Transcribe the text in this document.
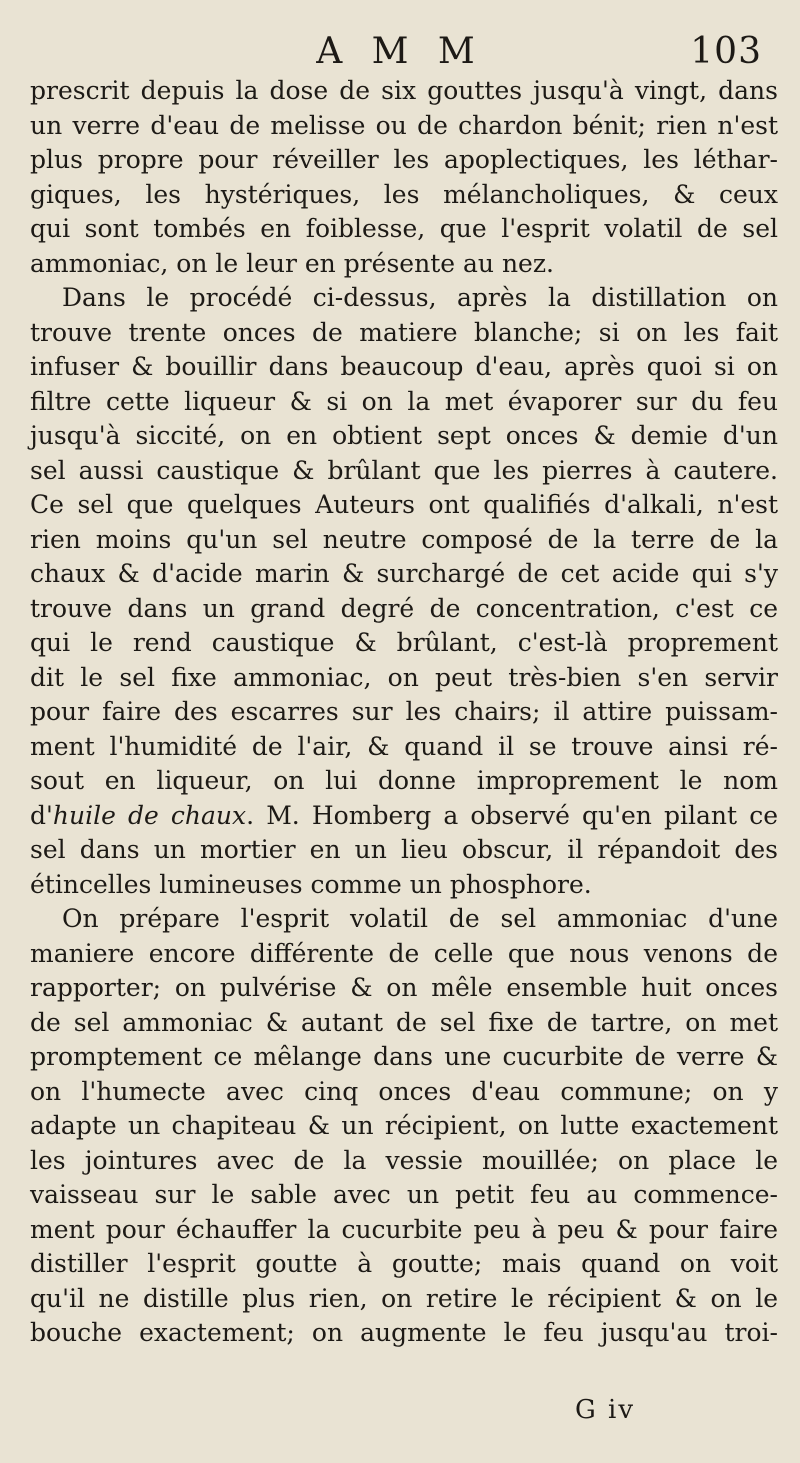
A M M	103

prescrit depuis la dose de six gouttes jusqu'à vingt, dans
un verre d'eau de melisse ou de chardon bénit; rien n'est
plus propre pour réveiller les apoplectiques, les léthar-
giques, les hystériques, les mélancholiques, & ceux
qui sont tombés en foiblesse, que l'esprit volatil de sel
ammoniac, on le leur en présente au nez.

Dans le procédé ci-dessus, après la distillation on
trouve trente onces de matiere blanche; si on les fait
infuser & bouillir dans beaucoup d'eau, après quoi si on
filtre cette liqueur & si on la met évaporer sur du feu
jusqu'à siccité, on en obtient sept onces & demie d'un
sel aussi caustique & brûlant que les pierres à cautere.
Ce sel que quelques Auteurs ont qualifiés d'alkali, n'est
rien moins qu'un sel neutre composé de la terre de la
chaux & d'acide marin & surchargé de cet acide qui s'y
trouve dans un grand degré de concentration, c'est ce
qui le rend caustique & brûlant, c'est-là proprement
dit le sel fixe ammoniac, on peut très-bien s'en servir
pour faire des escarres sur les chairs; il attire puissam-
ment l'humidité de l'air, & quand il se trouve ainsi ré-
sout en liqueur, on lui donne improprement le nom
d'huile de chaux. M. Homberg a observé qu'en pilant ce
sel dans un mortier en un lieu obscur, il répandoit des
étincelles lumineuses comme un phosphore.

On prépare l'esprit volatil de sel ammoniac d'une
maniere encore différente de celle que nous venons de
rapporter; on pulvérise & on mêle ensemble huit onces
de sel ammoniac & autant de sel fixe de tartre, on met
promptement ce mêlange dans une cucurbite de verre &
on l'humecte avec cinq onces d'eau commune; on y
adapte un chapiteau & un récipient, on lutte exactement
les jointures avec de la vessie mouillée; on place le
vaisseau sur le sable avec un petit feu au commence-
ment pour échauffer la cucurbite peu à peu & pour faire
distiller l'esprit goutte à goutte; mais quand on voit
qu'il ne distille plus rien, on retire le récipient & on le
bouche exactement; on augmente le feu jusqu'au troi-

G iv
